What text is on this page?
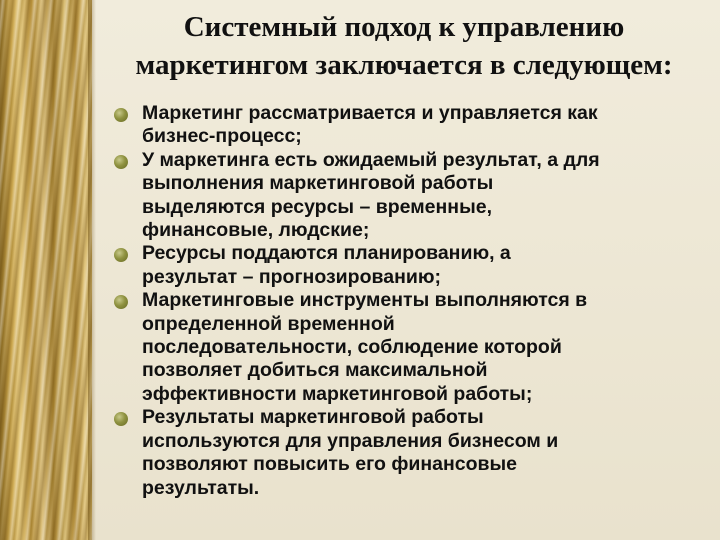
Системный подход к управлению
маркетингом заключается в следующем:
Маркетинг рассматривается и управляется как
бизнес-процесс;
У маркетинга есть ожидаемый результат, а для
выполнения маркетинговой работы
выделяются ресурсы – временные,
финансовые, людские;
Ресурсы поддаются планированию, а
результат – прогнозированию;
Маркетинговые инструменты выполняются в
определенной временной
последовательности, соблюдение которой
позволяет добиться максимальной
эффективности маркетинговой работы;
Результаты маркетинговой работы
используются для управления бизнесом и
позволяют повысить его финансовые
результаты.
